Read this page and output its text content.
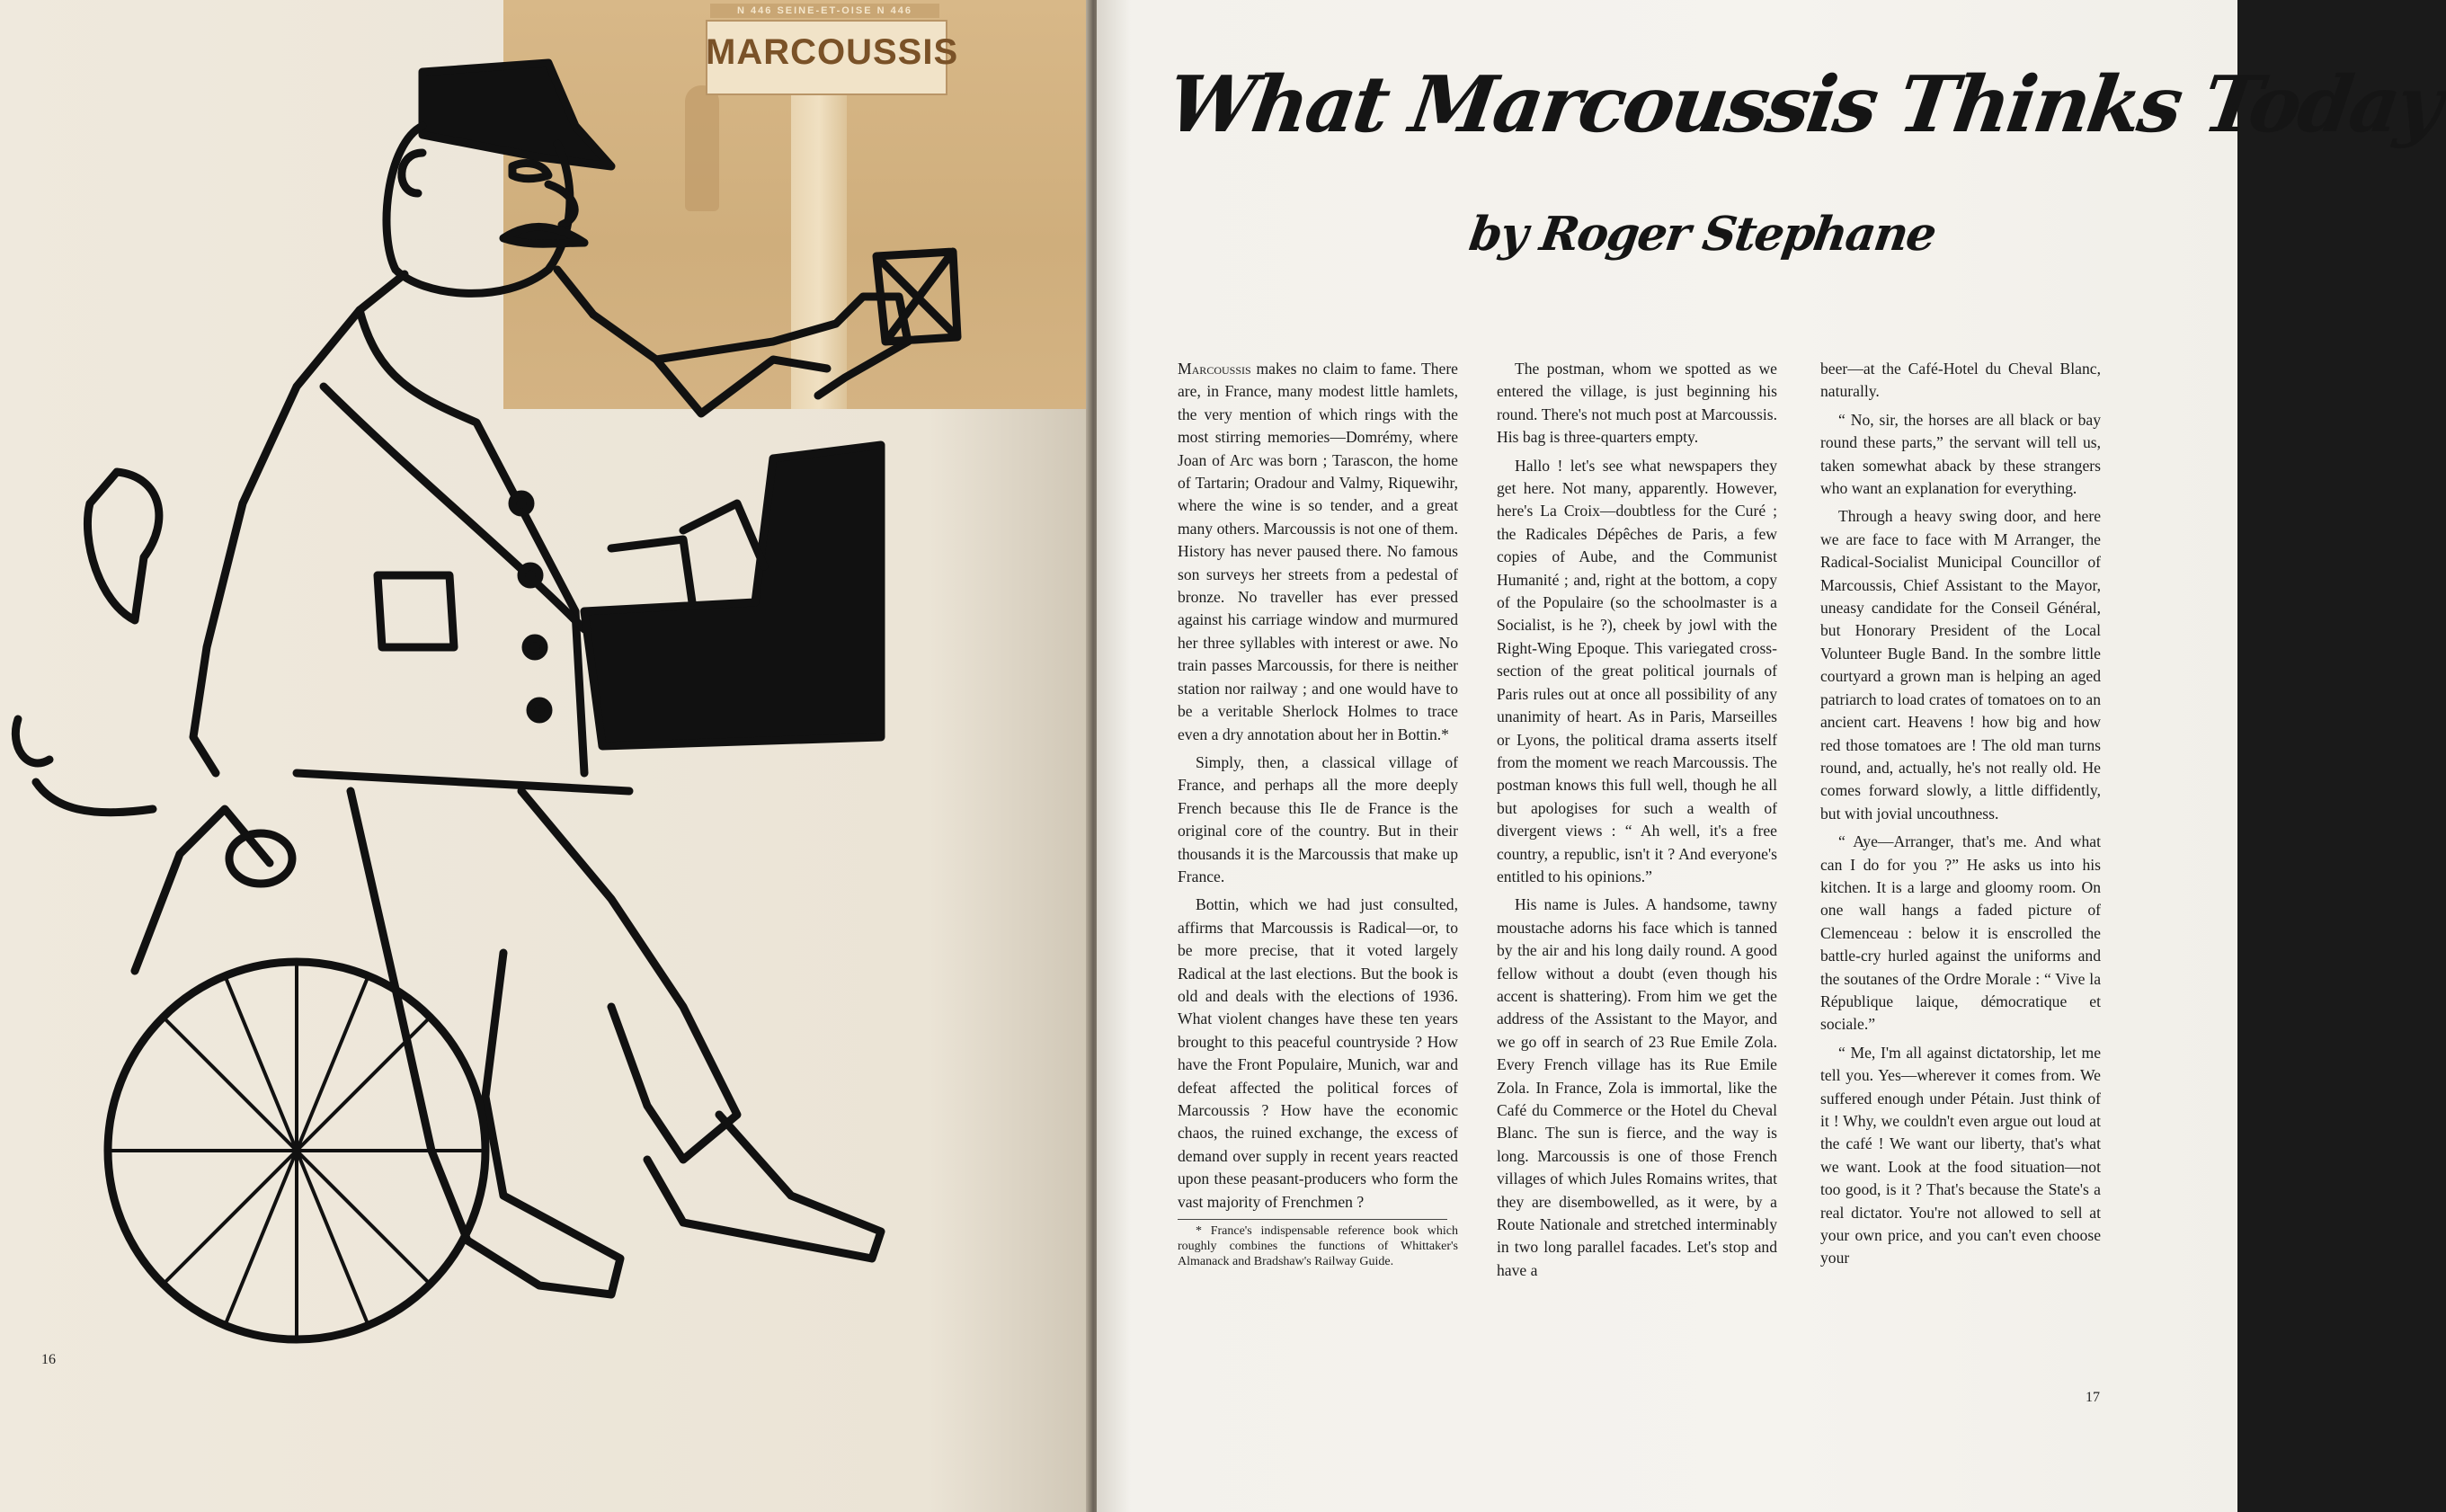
N 446 SEINE-ET-OISE N 446
MARCOUSSIS
16
What Marcoussis Thinks Today
by Roger Stephane

Marcoussis makes no claim to fame. There are, in France, many modest little hamlets, the very mention of which rings with the most stirring memories—Domrémy, where Joan of Arc was born ; Tarascon, the home of Tartarin; Oradour and Valmy, Riquewihr, where the wine is so tender, and a great many others. Marcoussis is not one of them. History has never paused there. No famous son surveys her streets from a pedestal of bronze. No traveller has ever pressed against his carriage window and murmured her three syllables with interest or awe. No train passes Marcoussis, for there is neither station nor railway ; and one would have to be a veritable Sherlock Holmes to trace even a dry annotation about her in Bottin.*

Simply, then, a classical village of France, and perhaps all the more deeply French because this Ile de France is the original core of the country. But in their thousands it is the Marcoussis that make up France.

Bottin, which we had just consulted, affirms that Marcoussis is Radical—or, to be more precise, that it voted largely Radical at the last elections. But the book is old and deals with the elections of 1936. What violent changes have these ten years brought to this peaceful countryside ? How have the Front Populaire, Munich, war and defeat affected the political forces of Marcoussis ? How have the economic chaos, the ruined exchange, the excess of demand over supply in recent years reacted upon these peasant-producers who form the vast majority of Frenchmen ?

* France's indispensable reference book which roughly combines the functions of Whittaker's Almanack and Bradshaw's Railway Guide.

The postman, whom we spotted as we entered the village, is just beginning his round. There's not much post at Marcoussis. His bag is three-quarters empty.

Hallo ! let's see what newspapers they get here. Not many, apparently. However, here's La Croix—doubtless for the Curé ; the Radicales Dépêches de Paris, a few copies of Aube, and the Communist Humanité ; and, right at the bottom, a copy of the Populaire (so the schoolmaster is a Socialist, is he ?), cheek by jowl with the Right-Wing Epoque. This variegated cross-section of the great political journals of Paris rules out at once all possibility of any unanimity of heart. As in Paris, Marseilles or Lyons, the political drama asserts itself from the moment we reach Marcoussis. The postman knows this full well, though he all but apologises for such a wealth of divergent views : “ Ah well, it's a free country, a republic, isn't it ? And everyone's entitled to his opinions.”

His name is Jules. A handsome, tawny moustache adorns his face which is tanned by the air and his long daily round. A good fellow without a doubt (even though his accent is shattering). From him we get the address of the Assistant to the Mayor, and we go off in search of 23 Rue Emile Zola. Every French village has its Rue Emile Zola. In France, Zola is immortal, like the Café du Commerce or the Hotel du Cheval Blanc. The sun is fierce, and the way is long. Marcoussis is one of those French villages of which Jules Romains writes, that they are disembowelled, as it were, by a Route Nationale and stretched interminably in two long parallel facades. Let's stop and have a

beer—at the Café-Hotel du Cheval Blanc, naturally.

“ No, sir, the horses are all black or bay round these parts,” the servant will tell us, taken somewhat aback by these strangers who want an explanation for everything.

Through a heavy swing door, and here we are face to face with M Arranger, the Radical-Socialist Municipal Councillor of Marcoussis, Chief Assistant to the Mayor, uneasy candidate for the Conseil Général, but Honorary President of the Local Volunteer Bugle Band. In the sombre little courtyard a grown man is helping an aged patriarch to load crates of tomatoes on to an ancient cart. Heavens ! how big and how red those tomatoes are ! The old man turns round, and, actually, he's not really old. He comes forward slowly, a little diffidently, but with jovial uncouthness.

“ Aye—Arranger, that's me. And what can I do for you ?” He asks us into his kitchen. It is a large and gloomy room. On one wall hangs a faded picture of Clemenceau : below it is enscrolled the battle-cry hurled against the uniforms and the soutanes of the Ordre Morale : “ Vive la République laique, démocratique et sociale.”

“ Me, I'm all against dictatorship, let me tell you. Yes—wherever it comes from. We suffered enough under Pétain. Just think of it ! Why, we couldn't even argue out loud at the café ! We want our liberty, that's what we want. Look at the food situation—not too good, is it ? That's because the State's a real dictator. You're not allowed to sell at your own price, and you can't even choose your

17
